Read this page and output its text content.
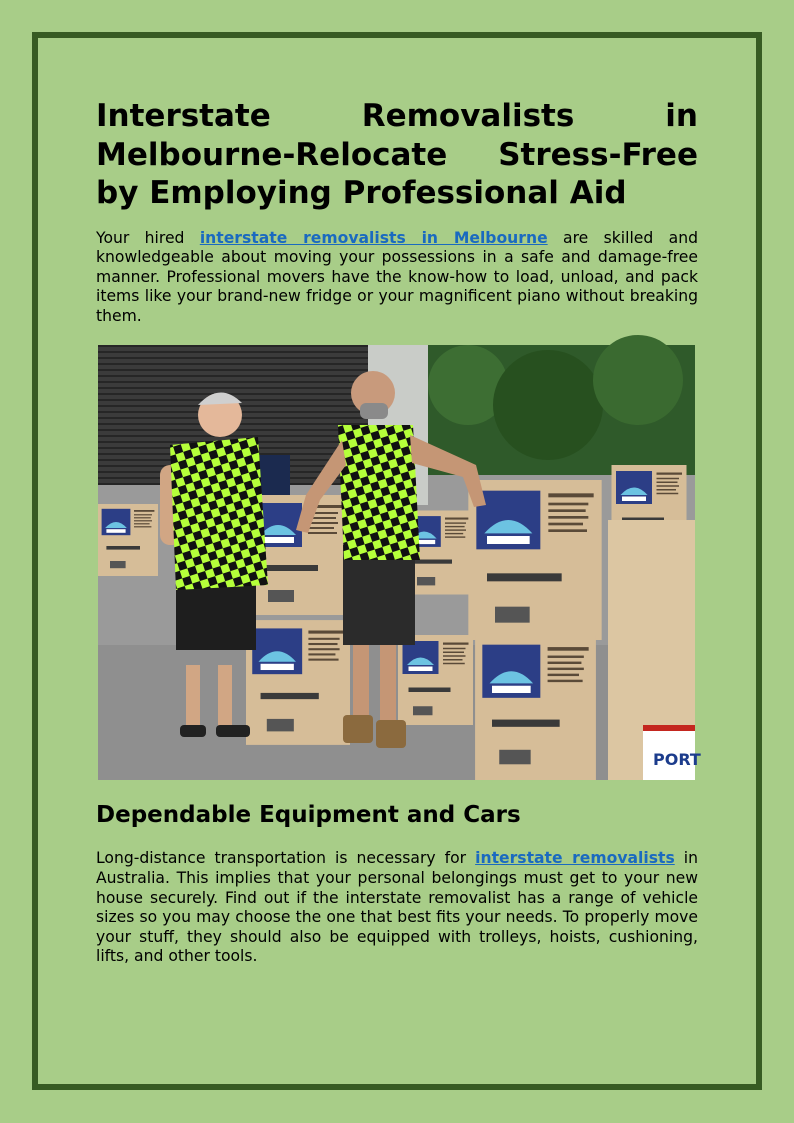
Interstate Removalists in Melbourne-Relocate Stress-Free by Employing Professional Aid

Your hired interstate removalists in Melbourne are skilled and knowledgeable about moving your possessions in a safe and damage-free manner. Professional movers have the know-how to load, unload, and pack items like your brand-new fridge or your magnificent piano without breaking them.

PORT
Dependable Equipment and Cars

Long-distance transportation is necessary for interstate removalists in Australia. This implies that your personal belongings must get to your new house securely. Find out if the interstate removalist has a range of vehicle sizes so you may choose the one that best fits your needs. To properly move your stuff, they should also be equipped with trolleys, hoists, cushioning, lifts, and other tools.
